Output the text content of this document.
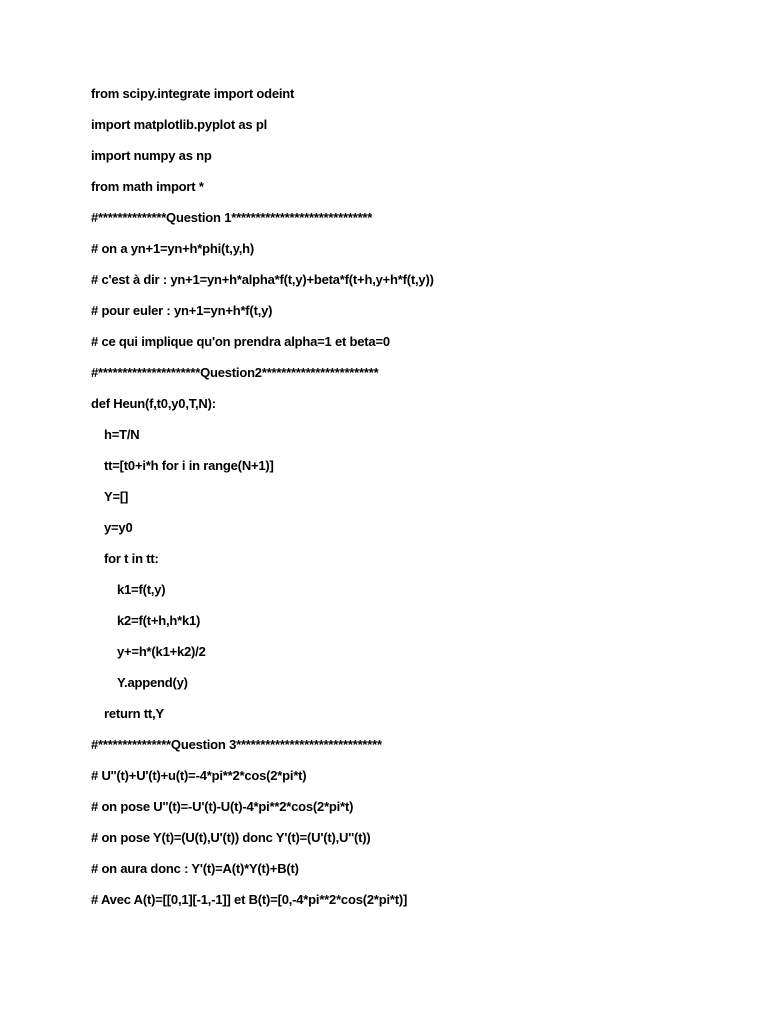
from scipy.integrate import odeint
import matplotlib.pyplot as pl
import numpy as np
from math import *
#**************Question 1*****************************
# on a yn+1=yn+h*phi(t,y,h)
# c'est à dir : yn+1=yn+h*alpha*f(t,y)+beta*f(t+h,y+h*f(t,y))
# pour euler : yn+1=yn+h*f(t,y)
# ce qui implique qu'on prendra alpha=1 et beta=0
#*********************Question2************************
def Heun(f,t0,y0,T,N):
h=T/N
tt=[t0+i*h for i in range(N+1)]
Y=[]
y=y0
for t in tt:
k1=f(t,y)
k2=f(t+h,h*k1)
y+=h*(k1+k2)/2
Y.append(y)
return tt,Y
#***************Question 3******************************
# U''(t)+U'(t)+u(t)=-4*pi**2*cos(2*pi*t)
# on pose U''(t)=-U'(t)-U(t)-4*pi**2*cos(2*pi*t)
# on pose Y(t)=(U(t),U'(t)) donc Y'(t)=(U'(t),U''(t))
# on aura donc : Y'(t)=A(t)*Y(t)+B(t)
# Avec A(t)=[[0,1][-1,-1]] et B(t)=[0,-4*pi**2*cos(2*pi*t)]
